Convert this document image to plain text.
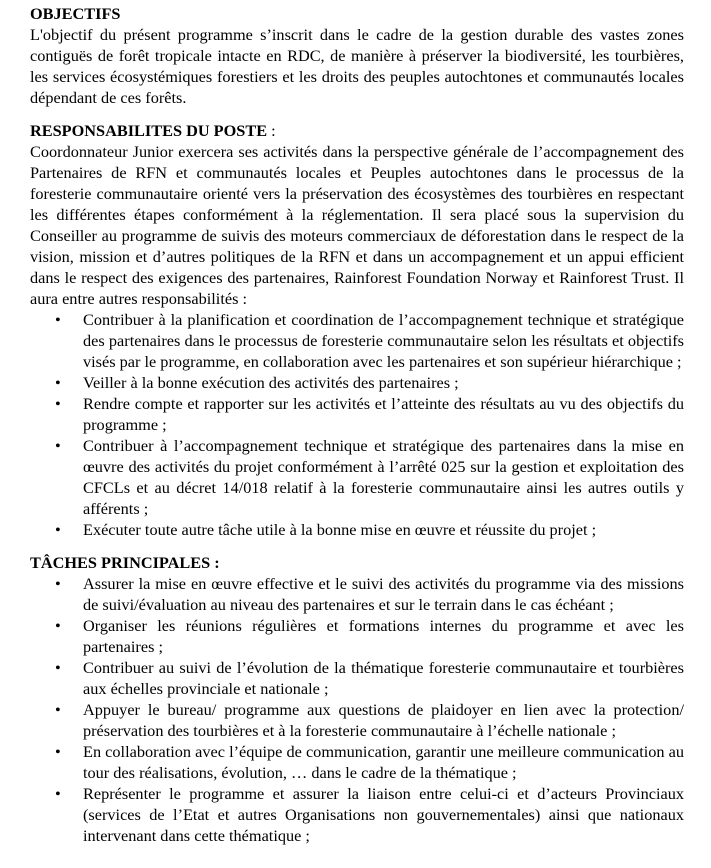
OBJECTIFS

L'objectif du présent programme s’inscrit dans le cadre de la gestion durable des vastes zones contiguës de forêt tropicale intacte en RDC, de manière à préserver la biodiversité, les tourbières, les services écosystémiques forestiers et les droits des peuples autochtones et communautés locales dépendant de ces forêts.

RESPONSABILITES DU POSTE :

Coordonnateur Junior exercera ses activités dans la perspective générale de l’accompagnement des Partenaires de RFN et communautés locales et Peuples autochtones dans le processus de la foresterie communautaire orienté vers la préservation des écosystèmes des tourbières en respectant les différentes étapes conformément à la réglementation. Il sera placé sous la supervision du Conseiller au programme de suivis des moteurs commerciaux de déforestation dans le respect de la vision, mission et d’autres politiques de la RFN et dans un accompagnement et un appui efficient dans le respect des exigences des partenaires, Rainforest Foundation Norway et Rainforest Trust. Il aura entre autres responsabilités :

• Contribuer à la planification et coordination de l’accompagnement technique et stratégique des partenaires dans le processus de foresterie communautaire selon les résultats et objectifs visés par le programme, en collaboration avec les partenaires et son supérieur hiérarchique ;
• Veiller à la bonne exécution des activités des partenaires ;
• Rendre compte et rapporter sur les activités et l’atteinte des résultats au vu des objectifs du programme ;
• Contribuer à l’accompagnement technique et stratégique des partenaires dans la mise en œuvre des activités du projet conformément à l’arrêté 025 sur la gestion et exploitation des CFCLs et au décret 14/018 relatif à la foresterie communautaire ainsi les autres outils y afférents ;
• Exécuter toute autre tâche utile à la bonne mise en œuvre et réussite du projet ;
TÂCHES PRINCIPALES :
• Assurer la mise en œuvre effective et le suivi des activités du programme via des missions de suivi/évaluation au niveau des partenaires et sur le terrain dans le cas échéant ;
• Organiser les réunions régulières et formations internes du programme et avec les partenaires ;
• Contribuer au suivi de l’évolution de la thématique foresterie communautaire et tourbières aux échelles provinciale et nationale ;
• Appuyer le bureau/ programme aux questions de plaidoyer en lien avec la protection/ préservation des tourbières et à la foresterie communautaire à l’échelle nationale ;
• En collaboration avec l’équipe de communication, garantir une meilleure communication au tour des réalisations, évolution, … dans le cadre de la thématique ;
• Représenter le programme et assurer la liaison entre celui-ci et d’acteurs Provinciaux (services de l’Etat et autres Organisations non gouvernementales) ainsi que nationaux intervenant dans cette thématique ;
